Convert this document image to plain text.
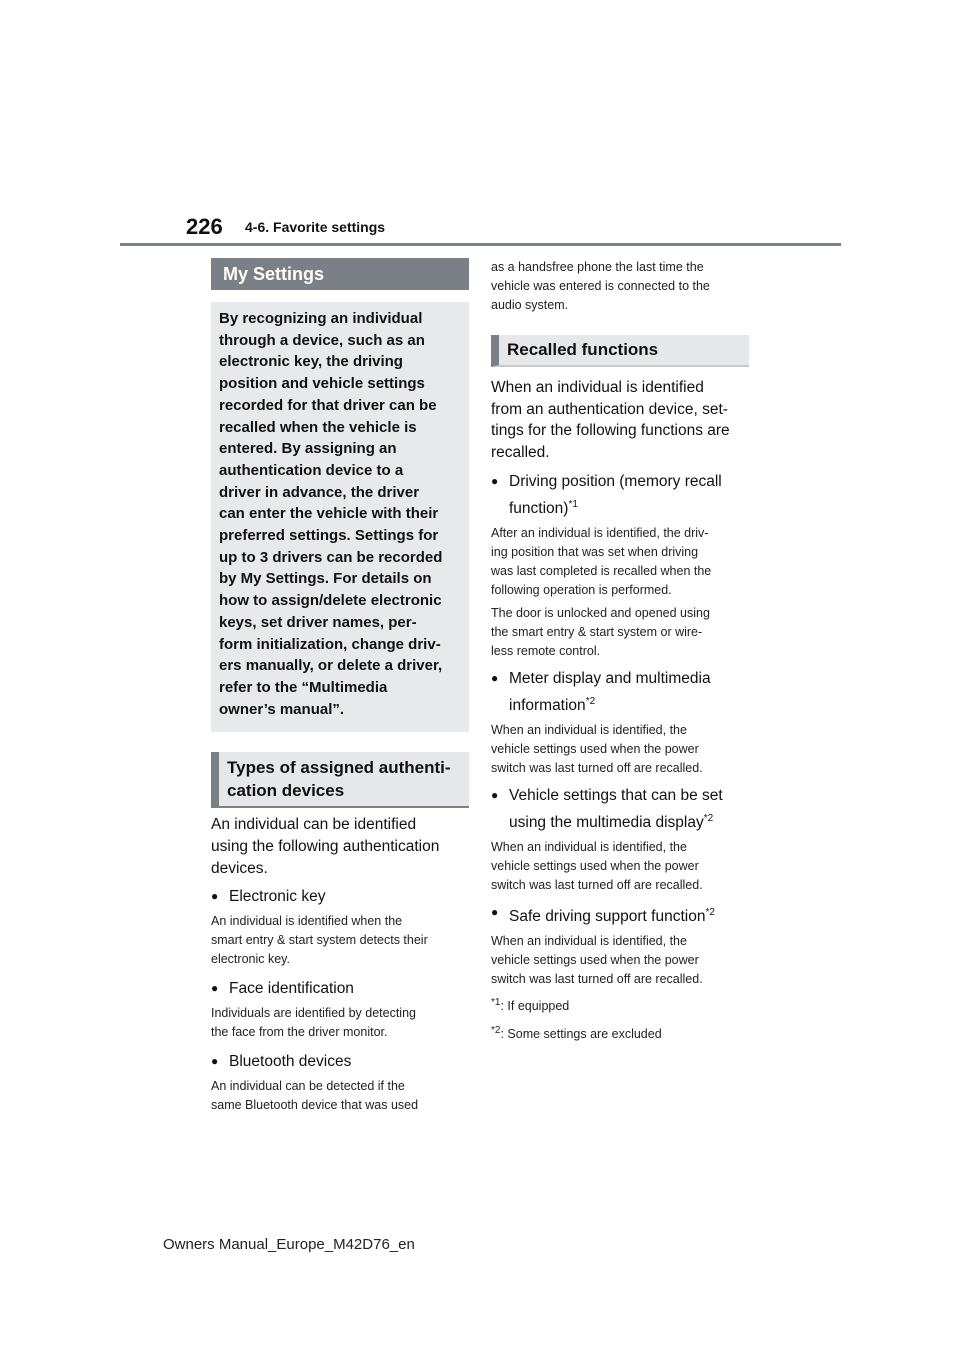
226 4-6. Favorite settings
My Settings
By recognizing an individual
through a device, such as an
electronic key, the driving
position and vehicle settings
recorded for that driver can be
recalled when the vehicle is
entered. By assigning an
authentication device to a
driver in advance, the driver
can enter the vehicle with their
preferred settings. Settings for
up to 3 drivers can be recorded
by My Settings. For details on
how to assign/delete electronic
keys, set driver names, per-
form initialization, change driv-
ers manually, or delete a driver,
refer to the “Multimedia
owner’s manual”.
Types of assigned authenti-
cation devices
An individual can be identified
using the following authentication
devices.
● Electronic key
An individual is identified when the
smart entry & start system detects their
electronic key.
● Face identification
Individuals are identified by detecting
the face from the driver monitor.
● Bluetooth devices
An individual can be detected if the
same Bluetooth device that was used
as a handsfree phone the last time the
vehicle was entered is connected to the
audio system.
Recalled functions
When an individual is identified
from an authentication device, set-
tings for the following functions are
recalled.
● Driving position (memory recall
function)$^{*1}$
After an individual is identified, the driv-
ing position that was set when driving
was last completed is recalled when the
following operation is performed.
The door is unlocked and opened using
the smart entry & start system or wire-
less remote control.
● Meter display and multimedia
information$^{*2}$
When an individual is identified, the
vehicle settings used when the power
switch was last turned off are recalled.
● Vehicle settings that can be set
using the multimedia display$^{*2}$
When an individual is identified, the
vehicle settings used when the power
switch was last turned off are recalled.
● Safe driving support function$^{*2}$
When an individual is identified, the
vehicle settings used when the power
switch was last turned off are recalled.
$^{*1}$: If equipped
$^{*2}$: Some settings are excluded
Owners Manual_Europe_M42D76_en
